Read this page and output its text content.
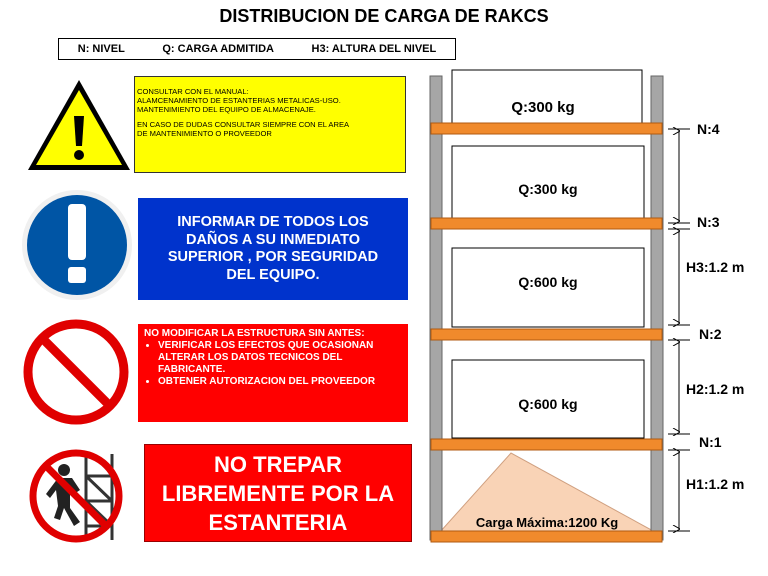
DISTRIBUCION DE CARGA DE RAKCS
N: NIVEL	Q: CARGA ADMITIDA	H3: ALTURA DEL NIVEL

CONSULTAR CON EL MANUAL:
ALAMCENAMIENTO DE ESTANTERIAS METALICAS-USO.
MANTENIMIENTO DEL EQUIPO DE ALMACENAJE.

EN CASO DE DUDAS CONSULTAR SIEMPRE CON EL AREA
DE MANTENIMIENTO O PROVEEDOR

INFORMAR DE TODOS LOS
DAÑOS A SU INMEDIATO
SUPERIOR , POR SEGURIDAD
DEL EQUIPO.
NO MODIFICAR LA ESTRUCTURA SIN ANTES:
• VERIFICAR LOS EFECTOS QUE OCASIONAN ALTERAR LOS DATOS TECNICOS DEL FABRICANTE.
• OBTENER AUTORIZACION DEL PROVEEDOR
NO TREPAR
LIBREMENTE POR LA
ESTANTERIA
Q:300 kg
Q:300 kg
Q:600 kg
Q:600 kg
Carga Máxima:1200 Kg
N:4
N:3
N:2
N:1
H3:1.2 m
H2:1.2 m
H1:1.2 m
